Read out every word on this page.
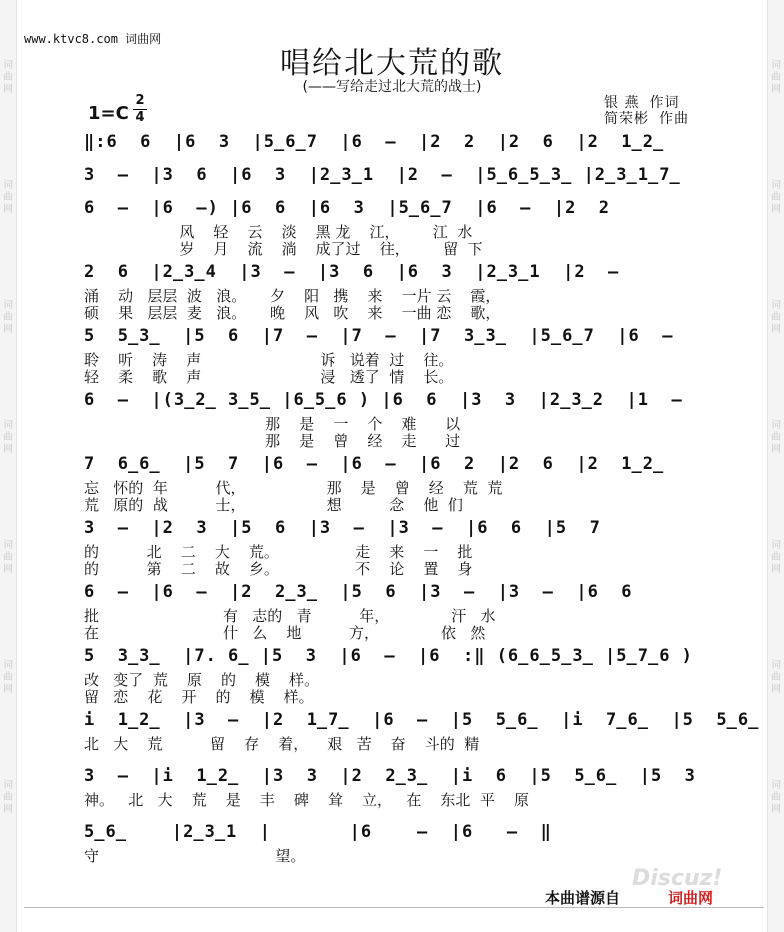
词
曲
网
词
曲
网
词
曲
网
词
曲
网
词
曲
网
词
曲
网
词
曲
网
词
曲
网
词
曲
网
词
曲
网
词
曲
网
词
曲
网
词
曲
网
词
曲
网
www.ktvc8.com 词曲网
唱给北大荒的歌
(——写给走过北大荒的战士)
1=C
2
4
银 燕 作词
简荣彬 作曲
‖:6  6  |6  3  |5̲6̲7  |6  –  |2  2  |2  6  |2  1̲2̲
3  –  |3  6  |6  3  |2̲3̲1  |2  –  |5̲6̲5̲3̲ |2̲3̲1̲7̲
6  –  |6  –) |6  6  |6  3  |5̲6̲7  |6  –  |2  2
风    轻    云    淡    黑 龙    江，       江  水
岁    月    流    淌    成了过    往，       留  下
2  6  |2̲3̲4  |3  –  |3  6  |6  3  |2̲3̲1  |2  –
涌    动   层层  波   浪。     夕    阳   携    来    一片 云    霞，
硕    果   层层  麦   浪。     晚    风   吹    来    一曲 恋    歌，
5  5̲3̲  |5  6  |7  –  |7  –  |7  3̲3̲  |5̲6̲7  |6  –
聆    听    涛    声                         诉   说着  过    往。
轻    柔    歌    声                         浸   透了  情    长。
6  –  |(3̲2̲ 3̲5̲ |6̲5̲6 ) |6  6  |3  3  |2̲3̲2  |1  –
那    是    一    个    难      以
那    是    曾    经    走      过
7  6̲6̲  |5  7  |6  –  |6  –  |6  2  |2  6  |2  1̲2̲
忘   怀的  年          代，                 那    是    曾    经    荒  荒
荒   原的  战          士，                 想          念    他  们
3  –  |2  3  |5  6  |3  –  |3  –  |6  6  |5  7
的          北    二    大    荒。                走    来    一    批
的          第    二    故    乡。                不    论    置    身
6  –  |6  –  |2  2̲3̲  |5  6  |3  –  |3  –  |6  6
批                          有   志的   青          年，             汗   水
在                          什   么    地          方，             依   然
5  3̲3̲  |7. 6̲ |5  3  |6  –  |6  :‖ (6̲6̲5̲3̲ |5̲7̲6 )
改   变了  荒    原    的    模    样。
留   恋    花    开    的    模    样。
i  1̲2̲  |3  –  |2  1̲7̲  |6  –  |5  5̲6̲  |i  7̲6̲  |5  5̲6̲
北   大    荒          留    存    着，    艰   苦    奋    斗的  精
3  –  |i  1̲2̲  |3  3  |2  2̲3̲  |i  6  |5  5̲6̲  |5  3
神。   北   大    荒    是    丰    碑    耸    立，   在    东北  平    原
5̲6̲    |2̲3̲1  |       |6    –  |6   –  ‖
守                                     望。
Discuz!
本曲谱源自	词曲网
